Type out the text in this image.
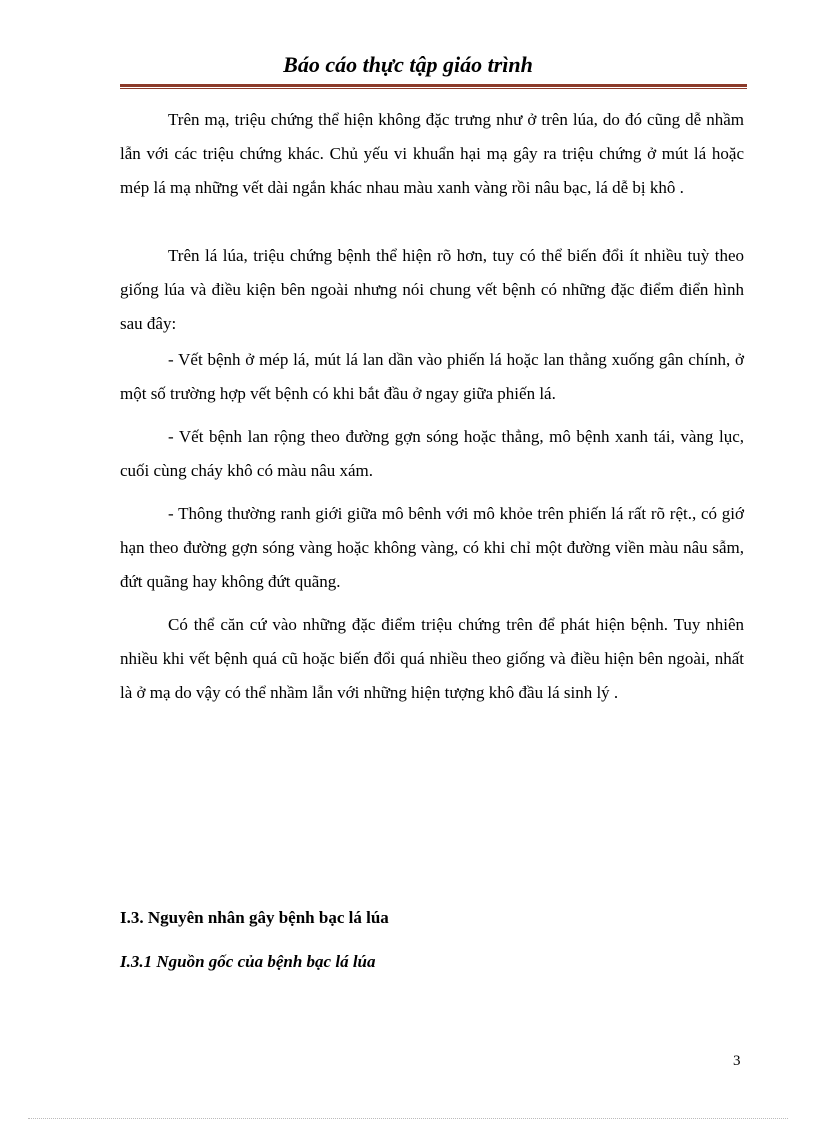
Báo cáo thực tập giáo trình

Trên mạ, triệu chứng thể hiện không đặc trưng như ở trên lúa, do đó cũng dễ nhầm lẫn với các triệu chứng khác. Chủ yếu vi khuẩn hại mạ gây ra triệu chứng ở mút lá hoặc mép lá mạ những vết dài ngắn khác nhau màu xanh vàng rồi nâu bạc, lá dễ bị khô .

Trên lá lúa, triệu chứng bệnh thể hiện rõ hơn, tuy có thể biến đổi ít nhiều tuỳ theo giống lúa và điều kiện bên ngoài nhưng nói chung vết bệnh có những đặc điểm điển hình sau đây:

- Vết bệnh ở mép lá, mút lá lan dần vào phiến lá hoặc lan thẳng xuống gân chính, ở một số trường hợp vết bệnh có khi bắt đầu ở ngay giữa phiến lá.

- Vết bệnh lan rộng theo đường gợn sóng hoặc thẳng, mô bệnh xanh tái, vàng lục, cuối cùng cháy khô có màu nâu xám.

- Thông thường ranh giới giữa mô bênh với mô khỏe trên phiến lá rất rõ rệt., có giớ hạn theo đường gợn sóng vàng hoặc không vàng, có khi chỉ một đường viền màu nâu sẫm, đứt quãng hay không đứt quãng.

Có thể căn cứ vào những đặc điểm triệu chứng trên để phát hiện bệnh. Tuy nhiên nhiều khi vết bệnh quá cũ hoặc biến đổi quá nhiều theo giống và điều hiện bên ngoài, nhất là ở mạ do vậy có thể nhầm lẫn với những hiện tượng khô đầu lá sinh lý .

I.3. Nguyên nhân gây bệnh bạc lá lúa
I.3.1 Nguồn gốc của bệnh bạc lá lúa
3
